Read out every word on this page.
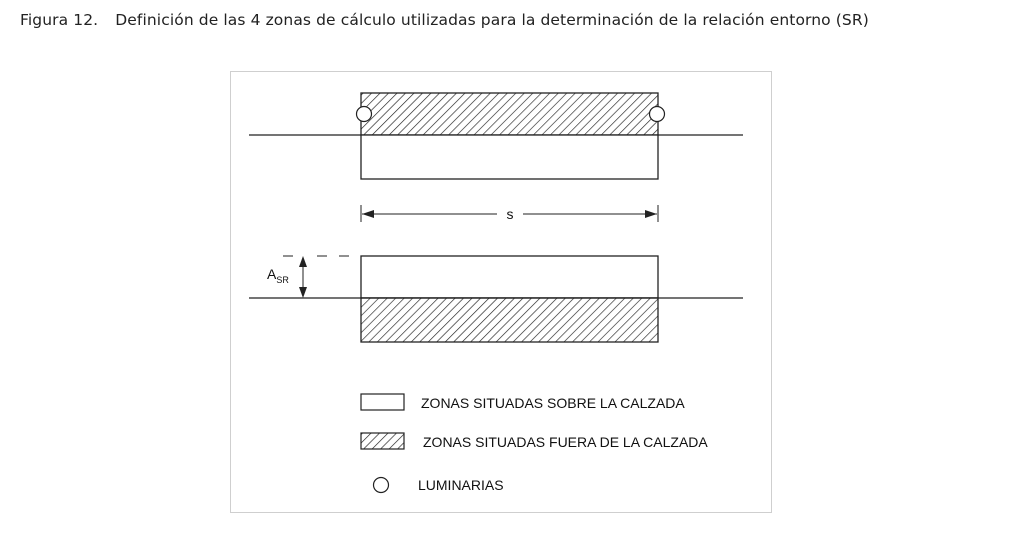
Figura 12. Definición de las 4 zonas de cálculo utilizadas para la determinación de la relación entorno (SR)
s
$A_{SR}$
ZONAS SITUADAS SOBRE LA CALZADA
ZONAS SITUADAS FUERA DE LA CALZADA
LUMINARIAS
